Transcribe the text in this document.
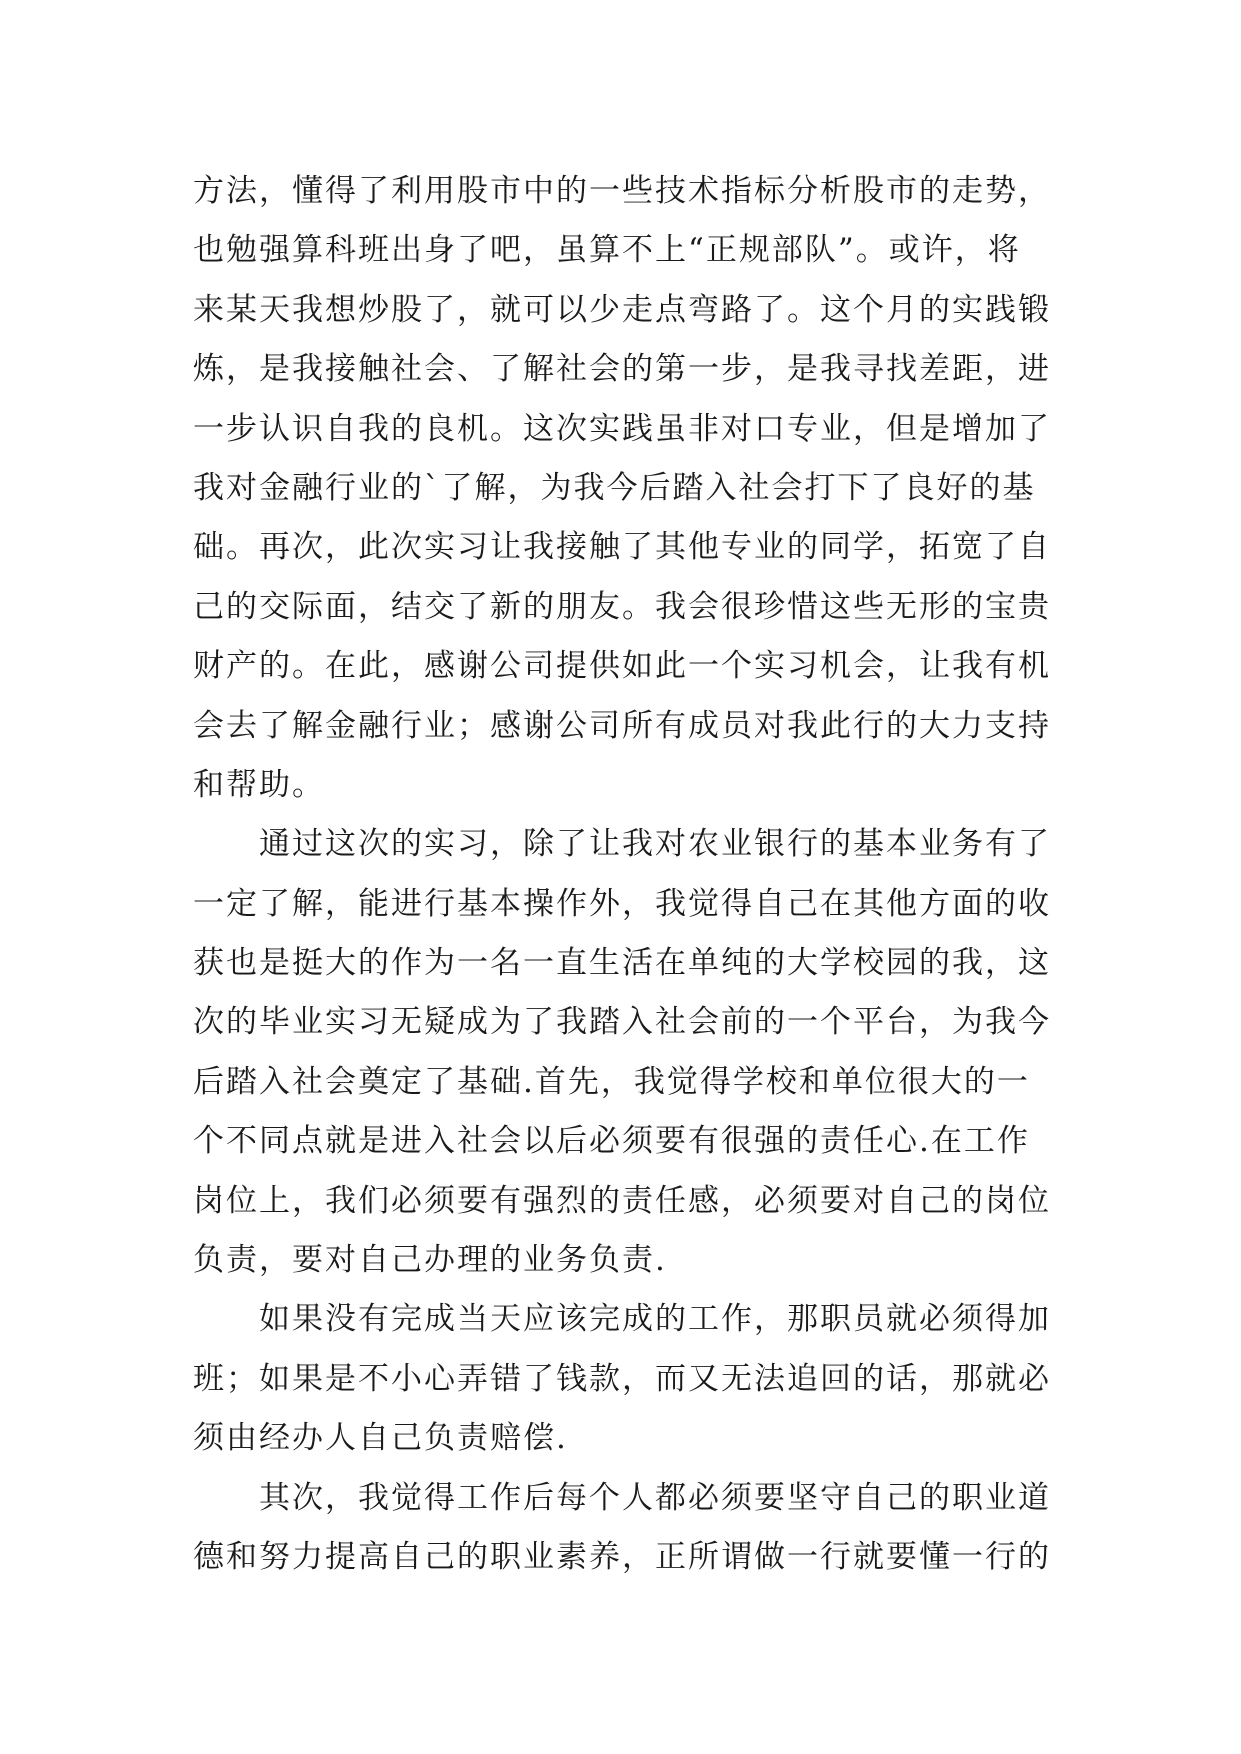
方法，懂得了利用股市中的一些技术指标分析股市的走势，
也勉强算科班出身了吧，虽算不上“正规部队”。或许，将
来某天我想炒股了，就可以少走点弯路了。这个月的实践锻
炼，是我接触社会、了解社会的第一步，是我寻找差距，进
一步认识自我的良机。这次实践虽非对口专业，但是增加了
我对金融行业的`了解，为我今后踏入社会打下了良好的基
础。再次，此次实习让我接触了其他专业的同学，拓宽了自
己的交际面，结交了新的朋友。我会很珍惜这些无形的宝贵
财产的。在此，感谢公司提供如此一个实习机会，让我有机
会去了解金融行业；感谢公司所有成员对我此行的大力支持
和帮助。
通过这次的实习，除了让我对农业银行的基本业务有了
一定了解，能进行基本操作外，我觉得自己在其他方面的收
获也是挺大的作为一名一直生活在单纯的大学校园的我，这
次的毕业实习无疑成为了我踏入社会前的一个平台，为我今
后踏入社会奠定了基础.首先，我觉得学校和单位很大的一
个不同点就是进入社会以后必须要有很强的责任心.在工作
岗位上，我们必须要有强烈的责任感，必须要对自己的岗位
负责，要对自己办理的业务负责.
如果没有完成当天应该完成的工作，那职员就必须得加
班；如果是不小心弄错了钱款，而又无法追回的话，那就必
须由经办人自己负责赔偿.
其次，我觉得工作后每个人都必须要坚守自己的职业道
德和努力提高自己的职业素养，正所谓做一行就要懂一行的
